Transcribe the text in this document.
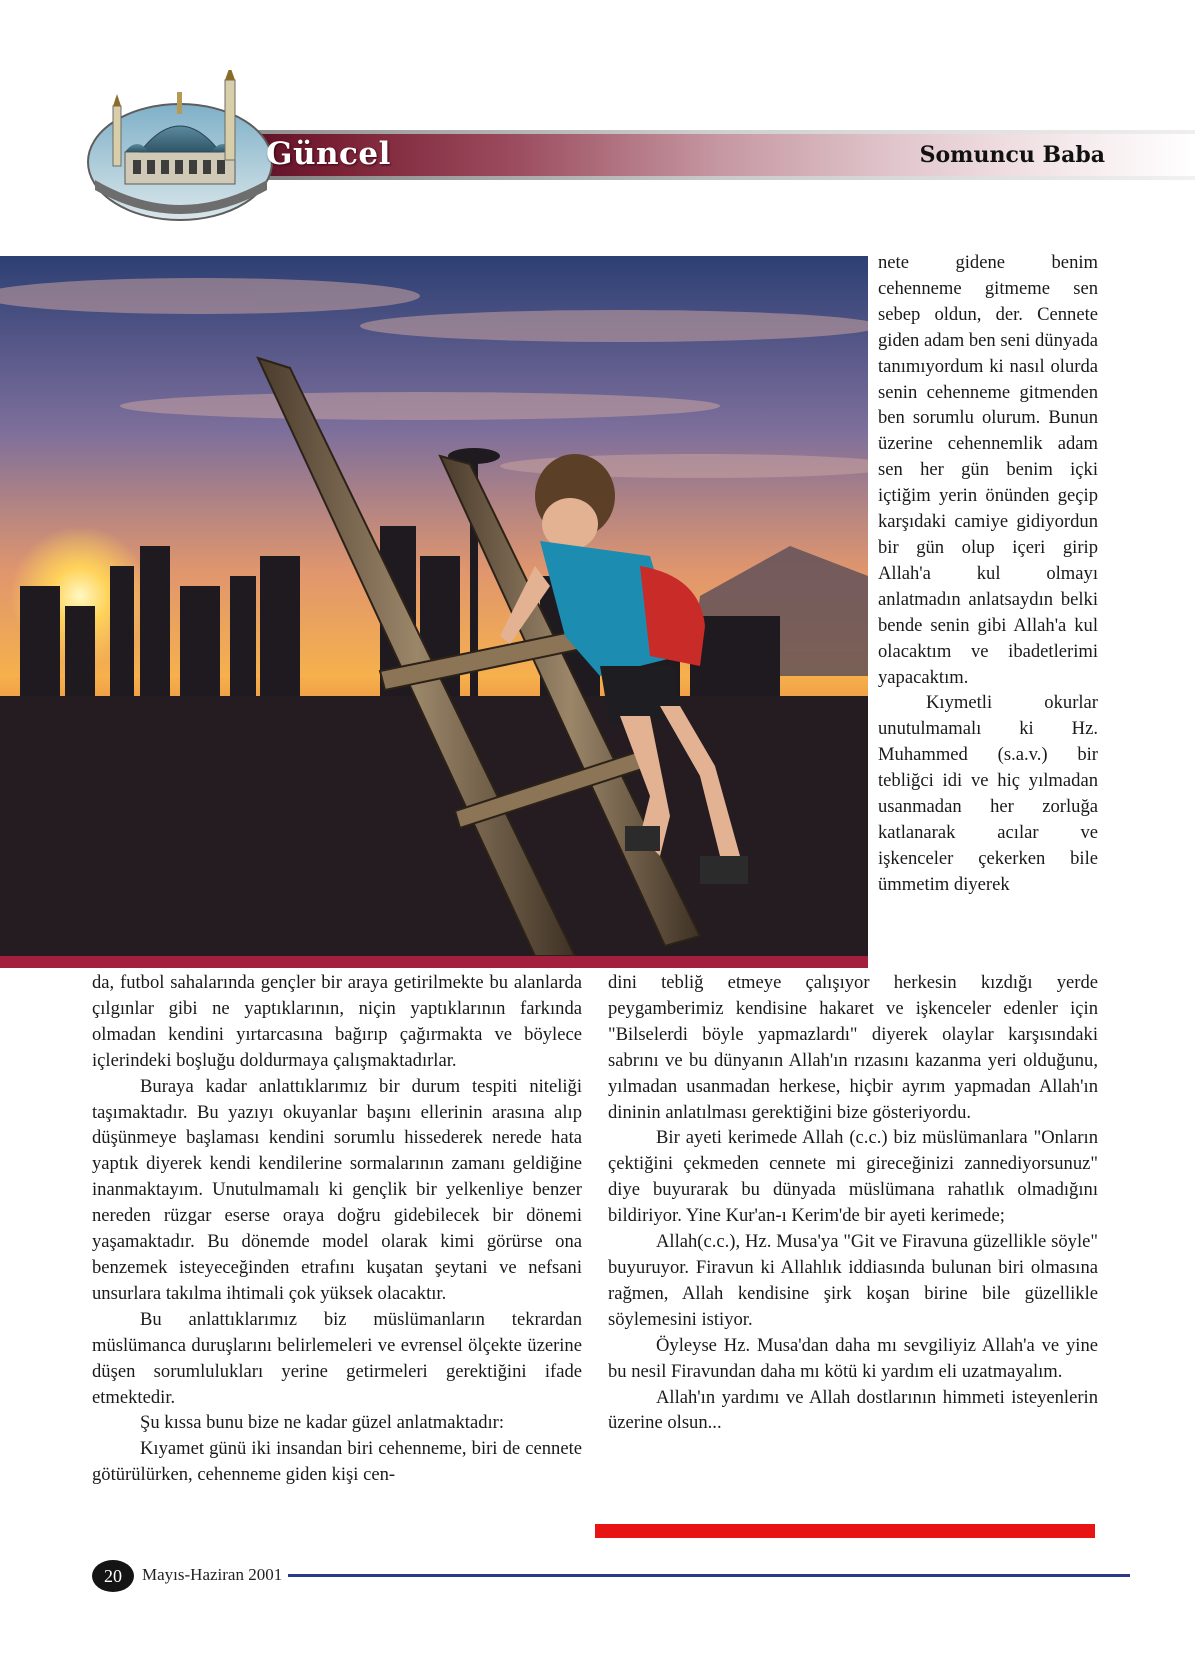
Güncel	Somuncu Baba

nete gidene benim cehenneme gitmeme sen sebep oldun, der. Cennete giden adam ben seni dünyada tanımıyordum ki nasıl olurda senin cehenneme gitmenden ben sorumlu olurum. Bunun üzerine cehennemlik adam sen her gün benim içki içtiğim yerin önünden geçip karşıdaki camiye gidiyordun bir gün olup içeri girip Allah'a kul olmayı anlatmadın anlatsaydın belki bende senin gibi Allah'a kul olacaktım ve ibadetlerimi yapacaktım.

Kıymetli okurlar unutulmamalı ki Hz. Muhammed (s.a.v.) bir tebliğci idi ve hiç yılmadan usanmadan her zorluğa katlanarak acılar ve işkenceler çekerken bile ümmetim diyerek

da, futbol sahalarında gençler bir araya getirilmekte bu alanlarda çılgınlar gibi ne yaptıklarının, niçin yaptıklarının farkında olmadan kendini yırtarcasına bağırıp çağırmakta ve böylece içlerindeki boşluğu doldurmaya çalışmaktadırlar.

Buraya kadar anlattıklarımız bir durum tespiti niteliği taşımaktadır. Bu yazıyı okuyanlar başını ellerinin arasına alıp düşünmeye başlaması kendini sorumlu hissederek nerede hata yaptık diyerek kendi kendilerine sormalarının zamanı geldiğine inanmaktayım. Unutulmamalı ki gençlik bir yelkenliye benzer nereden rüzgar eserse oraya doğru gidebilecek bir dönemi yaşamaktadır. Bu dönemde model olarak kimi görürse ona benzemek isteyeceğinden etrafını kuşatan şeytani ve nefsani unsurlara takılma ihtimali çok yüksek olacaktır.

Bu anlattıklarımız biz müslümanların tekrardan müslümanca duruşlarını belirlemeleri ve evrensel ölçekte üzerine düşen sorumlulukları yerine getirmeleri gerektiğini ifade etmektedir.

Şu kıssa bunu bize ne kadar güzel anlatmaktadır:

Kıyamet günü iki insandan biri cehenneme, biri de cennete götürülürken, cehenneme giden kişi cen-

dini tebliğ etmeye çalışıyor herkesin kızdığı yerde peygamberimiz kendisine hakaret ve işkenceler edenler için "Bilselerdi böyle yapmazlardı" diyerek olaylar karşısındaki sabrını ve bu dünyanın Allah'ın rızasını kazanma yeri olduğunu, yılmadan usanmadan herkese, hiçbir ayrım yapmadan Allah'ın dininin anlatılması gerektiğini bize gösteriyordu.

Bir ayeti kerimede Allah (c.c.) biz müslümanlara "Onların çektiğini çekmeden cennete mi gireceğinizi zannediyorsunuz" diye buyurarak bu dünyada müslümana rahatlık olmadığını bildiriyor. Yine Kur'an-ı Kerim'de bir ayeti kerimede;

Allah(c.c.), Hz. Musa'ya "Git ve Firavuna güzellikle söyle" buyuruyor. Firavun ki Allahlık iddiasında bulunan biri olmasına rağmen, Allah kendisine şirk koşan birine bile güzellikle söylemesini istiyor.

Öyleyse Hz. Musa'dan daha mı sevgiliyiz Allah'a ve yine bu nesil Firavundan daha mı kötü ki yardım eli uzatmayalım.

Allah'ın yardımı ve Allah dostlarının himmeti isteyenlerin üzerine olsun...

20	Mayıs-Haziran 2001
